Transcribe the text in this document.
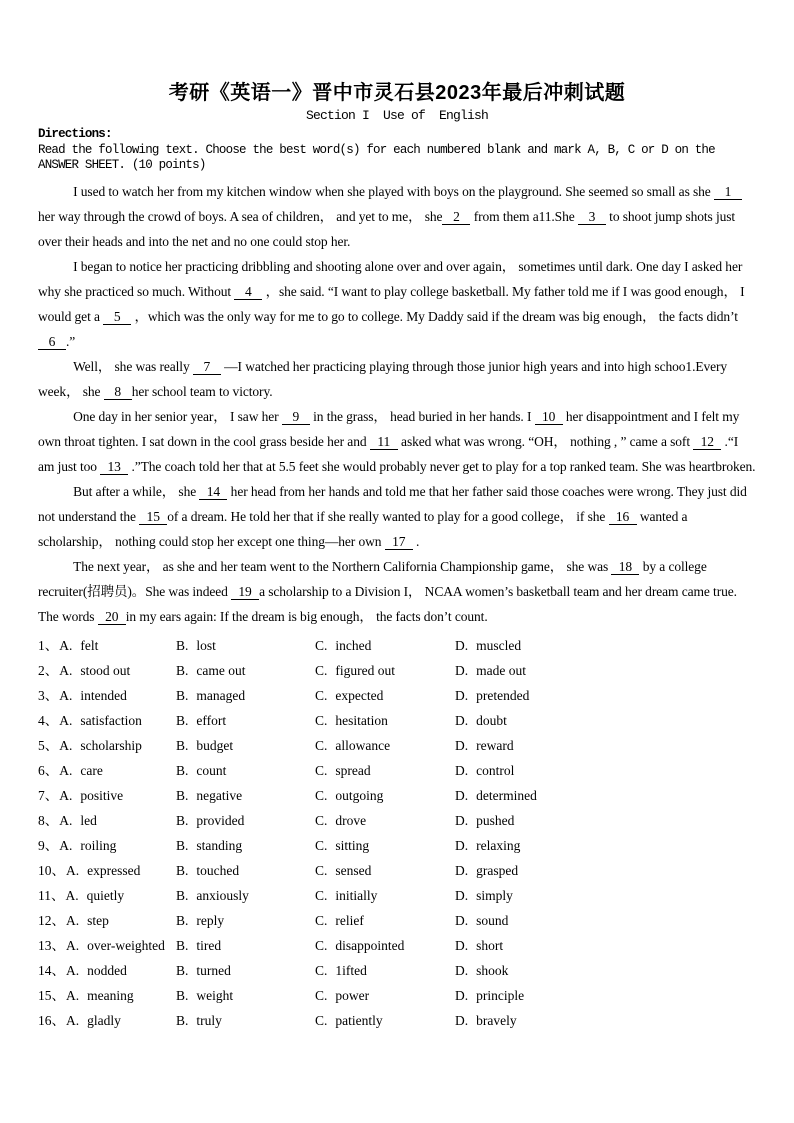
考研《英语一》晋中市灵石县2023年最后冲刺试题
Section I  Use of  English
Directions:
Read the following text. Choose the best word(s) for each numbered blank and mark A, B, C or D on the ANSWER SHEET. (10 points)

I used to watch her from my kitchen window when she played with boys on the playground. She seemed so small as she 1her way through the crowd of boys. A sea of children， and yet to me， she 2 from them a11.She 3 to shoot jump shots just over their heads and into the net and no one could stop her.

I began to notice her practicing dribbling and shooting alone over and over again， sometimes until dark. One day I asked her why she practiced so much. Without 4 ，she said. “I want to play college basketball. My father told me if I was good enough， I would get a 5 ，which was the only way for me to go to college. My Daddy said if the dream was big enough， the facts didn’t 6 .”

Well， she was really 7 —I watched her practicing playing through those junior high years and into high schoo1.Every week， she 8 her school team to victory.

One day in her senior year， I saw her 9 in the grass， head buried in her hands. I 10 her disappointment and I felt my own throat tighten. I sat down in the cool grass beside her and 11 asked what was wrong. “OH， nothing , ” came a soft 12 .“I am just too 13 .”The coach told her that at 5.5 feet she would probably never get to play for a top ranked team. She was heartbroken.

But after a while， she 14 her head from her hands and told me that her father said those coaches were wrong. They just did not understand the 15 of a dream. He told her that if she really wanted to play for a good college， if she 16 wanted a scholarship， nothing could stop her except one thing—her own 17 .

The next year， as she and her team went to the Northern California Championship game， she was 18 by a college recruiter(招聘员)。She was indeed 19 a scholarship to a Division I， NCAA women’s basketball team and her dream came true. The words 20 in my ears again: If the dream is big enough， the facts don’t count.

1、A. felt	B. lost	C. inched	D. muscled
2、A. stood out	B. came out	C. figured out	D. made out
3、A. intended	B. managed	C. expected	D. pretended
4、A. satisfaction	B. effort	C. hesitation	D. doubt
5、A. scholarship	B. budget	C. allowance	D. reward
6、A. care	B. count	C. spread	D. control
7、A. positive	B. negative	C. outgoing	D. determined
8、A. led	B. provided	C. drove	D. pushed
9、A. roiling	B. standing	C. sitting	D. relaxing
10、A. expressed	B. touched	C. sensed	D. grasped
11、A. quietly	B. anxiously	C. initially	D. simply
12、A. step	B. reply	C. relief	D. sound
13、A. over-weighted B. tired	C. disappointed	D. short
14、A. nodded	B. turned	C. 1ifted	D. shook
15、A. meaning	B. weight	C. power	D. principle
16、A. gladly	B. truly	C. patiently	D. bravely
